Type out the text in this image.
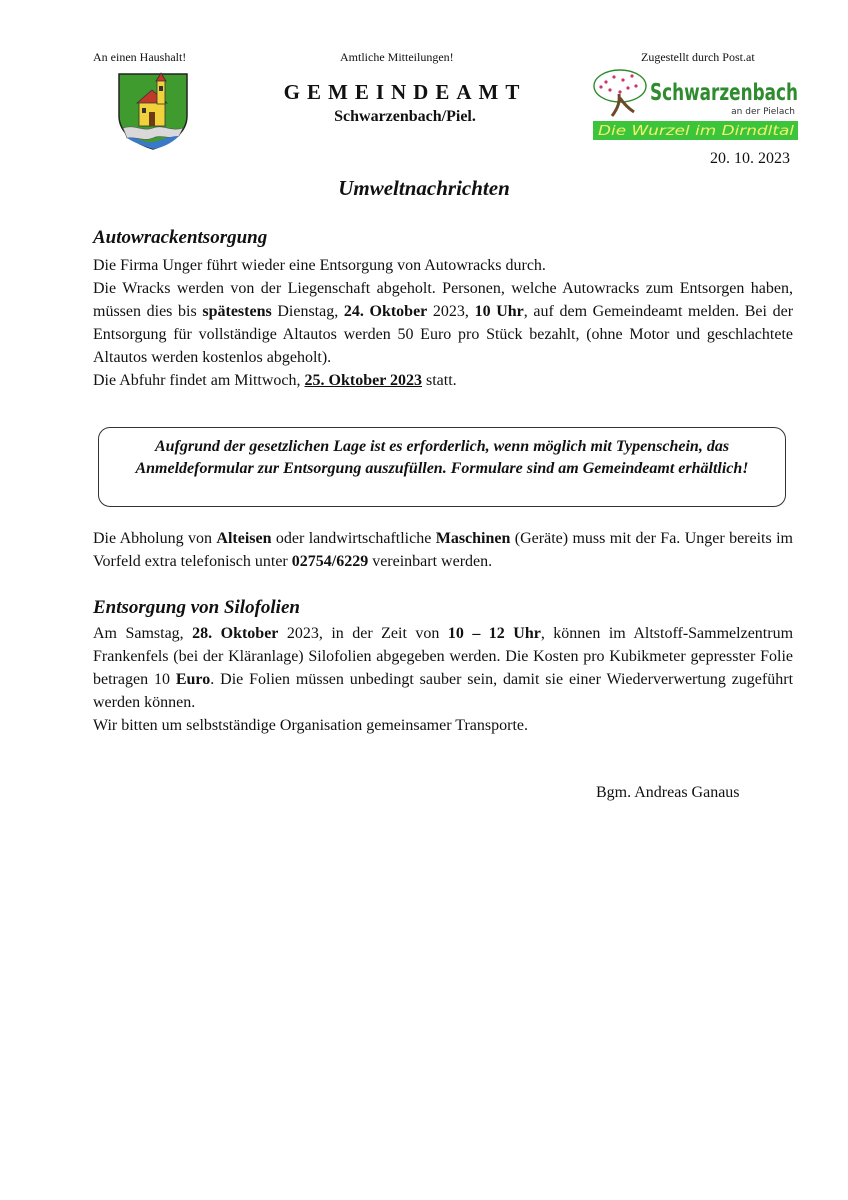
An einen Haushalt!	Amtliche Mitteilungen!	Zugestellt durch Post.at
GEMEINDEAMT
Schwarzenbach/Piel.
Schwarzenbach
an der Pielach
Die Wurzel im Dirndltal
20. 10. 2023
Umweltnachrichten
Autowrackentsorgung

Die Firma Unger führt wieder eine Entsorgung von Autowracks durch.

Die Wracks werden von der Liegenschaft abgeholt. Personen, welche Autowracks zum Entsorgen haben, müssen dies bis spätestens Dienstag, 24. Oktober 2023, 10 Uhr, auf dem Gemeindeamt melden. Bei der Entsorgung für vollständige Altautos werden 50 Euro pro Stück bezahlt, (ohne Motor und geschlachtete Altautos werden kostenlos abgeholt).

Die Abfuhr findet am Mittwoch, 25. Oktober 2023 statt.

Aufgrund der gesetzlichen Lage ist es erforderlich, wenn möglich mit Typenschein, das Anmeldeformular zur Entsorgung auszufüllen. Formulare sind am Gemeindeamt erhältlich!

Die Abholung von Alteisen oder landwirtschaftliche Maschinen (Geräte) muss mit der Fa. Unger bereits im Vorfeld extra telefonisch unter 02754/6229 vereinbart werden.

Entsorgung von Silofolien

Am Samstag, 28. Oktober 2023, in der Zeit von 10 – 12 Uhr, können im Altstoff-Sammelzentrum Frankenfels (bei der Kläranlage) Silofolien abgegeben werden. Die Kosten pro Kubikmeter gepresster Folie betragen 10 Euro. Die Folien müssen unbedingt sauber sein, damit sie einer Wiederverwertung zugeführt werden können.

Wir bitten um selbstständige Organisation gemeinsamer Transporte.

Bgm. Andreas Ganaus
